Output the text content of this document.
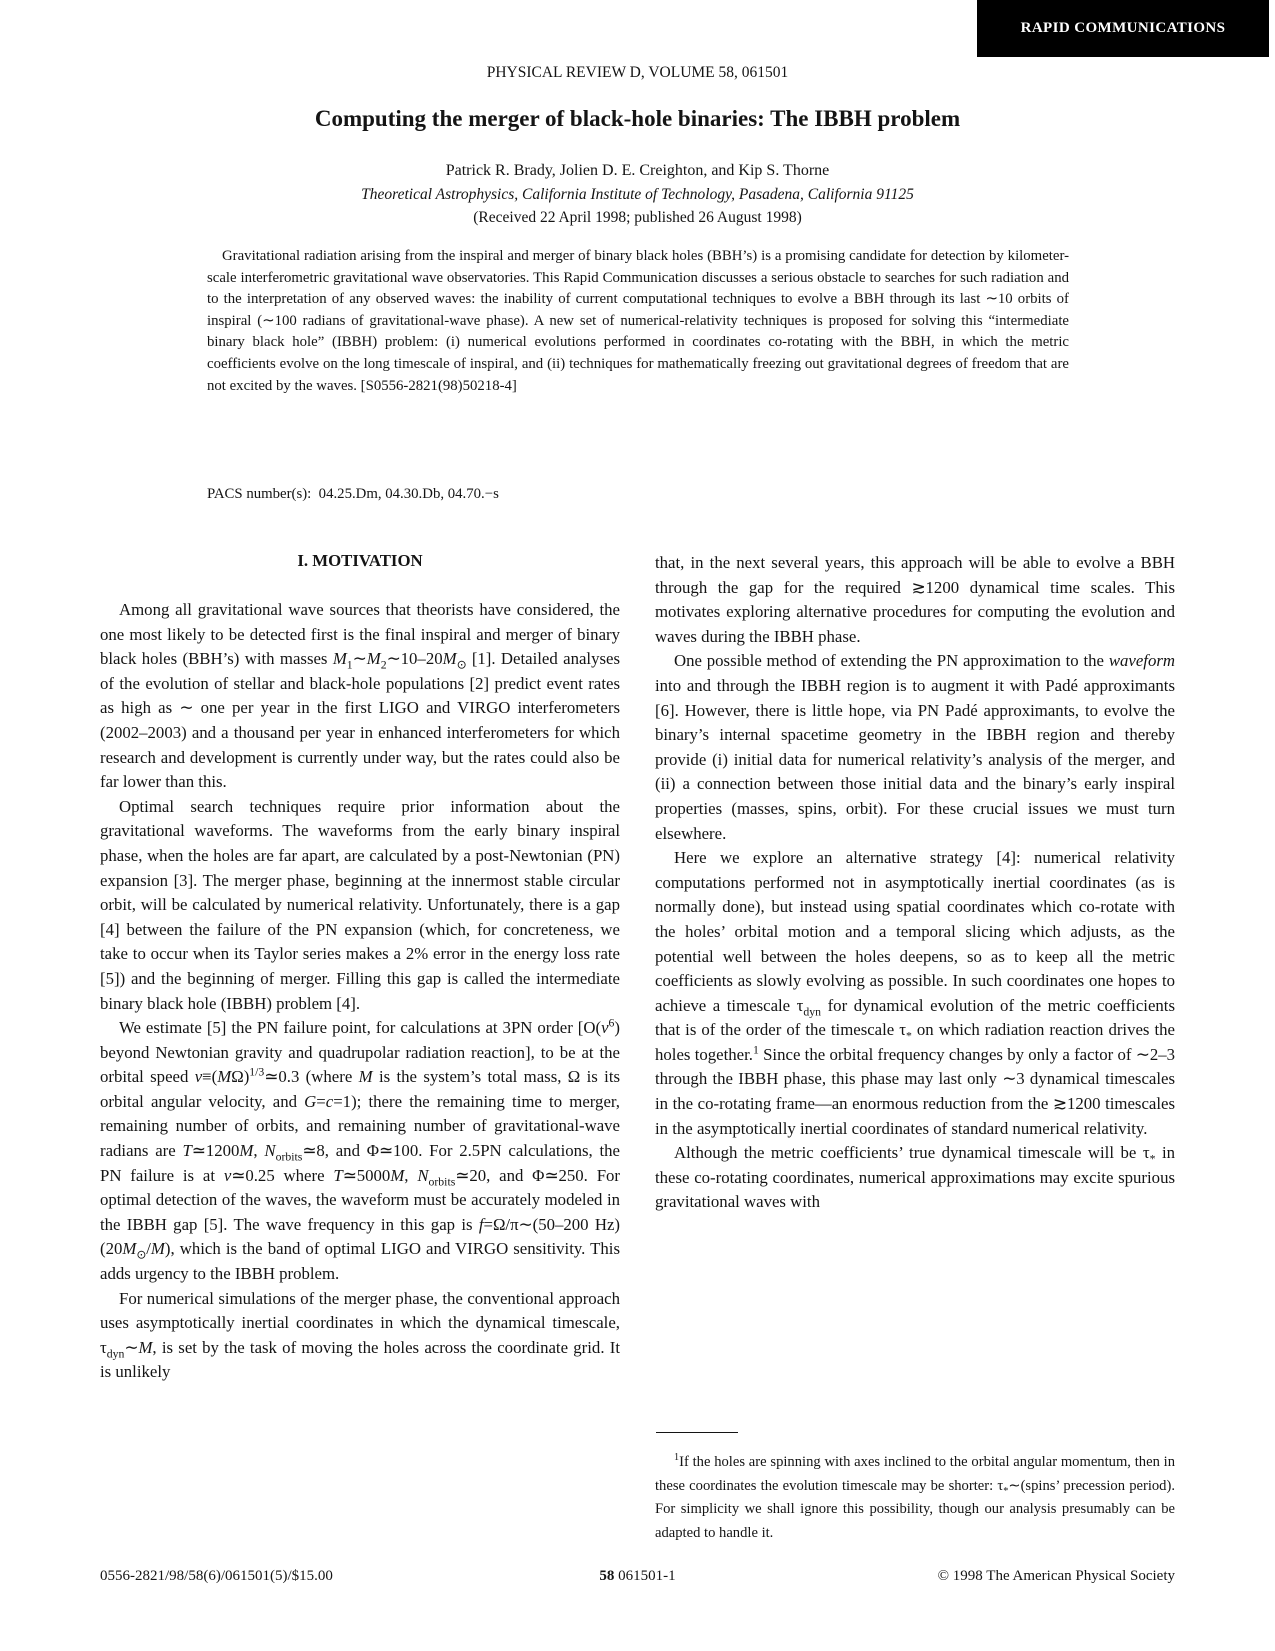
RAPID COMMUNICATIONS
PHYSICAL REVIEW D, VOLUME 58, 061501
Computing the merger of black-hole binaries: The IBBH problem
Patrick R. Brady, Jolien D. E. Creighton, and Kip S. Thorne
Theoretical Astrophysics, California Institute of Technology, Pasadena, California 91125
(Received 22 April 1998; published 26 August 1998)
Gravitational radiation arising from the inspiral and merger of binary black holes (BBH’s) is a promising candidate for detection by kilometer-scale interferometric gravitational wave observatories. This Rapid Communication discusses a serious obstacle to searches for such radiation and to the interpretation of any observed waves: the inability of current computational techniques to evolve a BBH through its last ∼10 orbits of inspiral (∼100 radians of gravitational-wave phase). A new set of numerical-relativity techniques is proposed for solving this “intermediate binary black hole” (IBBH) problem: (i) numerical evolutions performed in coordinates co-rotating with the BBH, in which the metric coefficients evolve on the long timescale of inspiral, and (ii) techniques for mathematically freezing out gravitational degrees of freedom that are not excited by the waves. [S0556-2821(98)50218-4]
PACS number(s):  04.25.Dm, 04.30.Db, 04.70.−s
I. MOTIVATION

Among all gravitational wave sources that theorists have considered, the one most likely to be detected first is the final inspiral and merger of binary black holes (BBH’s) with masses $M_1\sim M_2\sim 10-20M_⊙$ [1]. Detailed analyses of the evolution of stellar and black-hole populations [2] predict event rates as high as ∼ one per year in the first LIGO and VIRGO interferometers (2002–2003) and a thousand per year in enhanced interferometers for which research and development is currently under way, but the rates could also be far lower than this.

Optimal search techniques require prior information about the gravitational waveforms. The waveforms from the early binary inspiral phase, when the holes are far apart, are calculated by a post-Newtonian (PN) expansion [3]. The merger phase, beginning at the innermost stable circular orbit, will be calculated by numerical relativity. Unfortunately, there is a gap [4] between the failure of the PN expansion (which, for concreteness, we take to occur when its Taylor series makes a 2% error in the energy loss rate [5]) and the beginning of merger. Filling this gap is called the intermediate binary black hole (IBBH) problem [4].

We estimate [5] the PN failure point, for calculations at 3PN order [$O(v^6)$ beyond Newtonian gravity and quadrupolar radiation reaction], to be at the orbital speed $v\equiv(M\Omega)^{1/3}≃0.3$ (where M is the system’s total mass, Ω is its orbital angular velocity, and G=c=1); there the remaining time to merger, remaining number of orbits, and remaining number of gravitational-wave radians are T≃1200M, $N_{orbits}≃8$, and Φ≃100. For 2.5PN calculations, the PN failure is at v≃0.25 where T≃5000M, $N_{orbits}≃20$, and Φ≃250. For optimal detection of the waves, the waveform must be accurately modeled in the IBBH gap [5]. The wave frequency in this gap is f=Ω/π∼(50–200 $Hz)(20M_⊙/M)$, which is the band of optimal LIGO and VIRGO sensitivity. This adds urgency to the IBBH problem.

For numerical simulations of the merger phase, the conventional approach uses asymptotically inertial coordinates in which the dynamical timescale, $\tau_{dyn}\sim M$, is set by the task of moving the holes across the coordinate grid. It is unlikely

that, in the next several years, this approach will be able to evolve a BBH through the gap for the required ≳1200 dynamical time scales. This motivates exploring alternative procedures for computing the evolution and waves during the IBBH phase.

One possible method of extending the PN approximation to the waveform into and through the IBBH region is to augment it with Padé approximants [6]. However, there is little hope, via PN Padé approximants, to evolve the binary’s internal spacetime geometry in the IBBH region and thereby provide (i) initial data for numerical relativity’s analysis of the merger, and (ii) a connection between those initial data and the binary’s early inspiral properties (masses, spins, orbit). For these crucial issues we must turn elsewhere.

Here we explore an alternative strategy [4]: numerical relativity computations performed not in asymptotically inertial coordinates (as is normally done), but instead using spatial coordinates which co-rotate with the holes’ orbital motion and a temporal slicing which adjusts, as the potential well between the holes deepens, so as to keep all the metric coefficients as slowly evolving as possible. In such coordinates one hopes to achieve a timescale $\tau_{dyn}$ for dynamical evolution of the metric coefficients that is of the order of the timescale $\tau_*$ on which radiation reaction drives the holes together.$^1$ Since the orbital frequency changes by only a factor of ∼2–3 through the IBBH phase, this phase may last only ∼3 dynamical timescales in the co-rotating frame—an enormous reduction from the ≳1200 timescales in the asymptotically inertial coordinates of standard numerical relativity.

Although the metric coefficients’ true dynamical timescale will be $\tau_*$ in these co-rotating coordinates, numerical approximations may excite spurious gravitational waves with

$^1$If the holes are spinning with axes inclined to the orbital angular momentum, then in these coordinates the evolution timescale may be shorter: $\tau_*\sim(spins$’ precession period). For simplicity we shall ignore this possibility, though our analysis presumably can be adapted to handle it.

0556-2821/98/58(6)/061501(5)/$15.00	58 061501-1	© 1998 The American Physical Society
